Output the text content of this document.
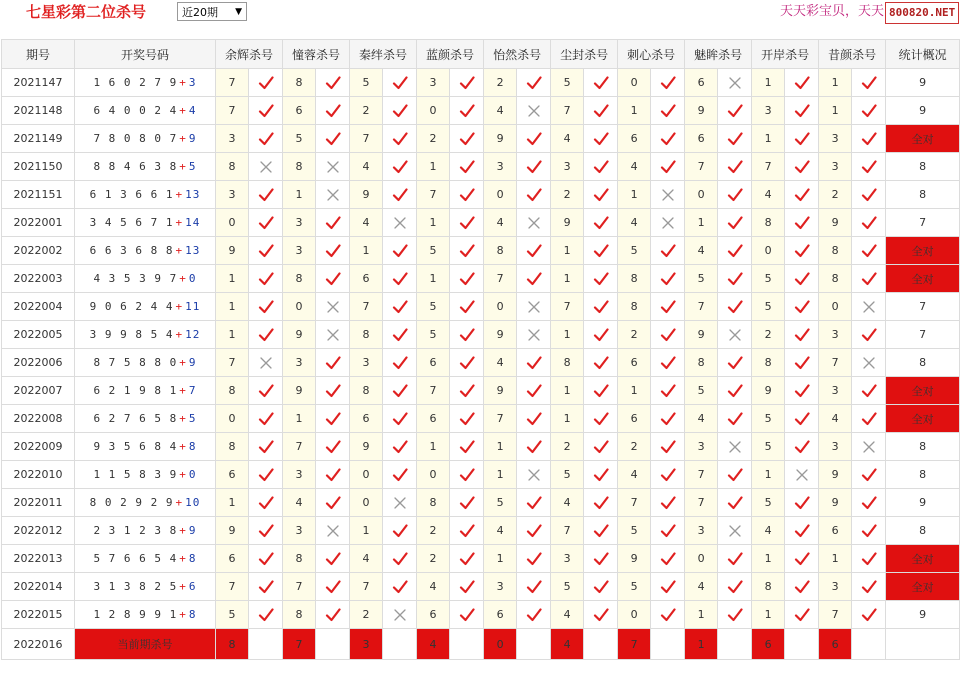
七星彩第二位杀号	近20期 ▼	天天彩宝贝，天天 800820.NET
期号	开奖号码	余辉杀号		憧蓉杀号		秦绊杀号		蓝颜杀号		怡然杀号		尘封杀号		刺心杀号		魅眸杀号		开岸杀号		昔颜杀号		统计概况
2021147	1 6 0 2 7 9 + 3	7		8		5		3		2		5		0		6		1		1		9
2021148	6 4 0 0 2 4 + 4	7		6		2		0		4		7		1		9		3		1		9
2021149	7 8 0 8 0 7 + 9	3		5		7		2		9		4		6		6		1		3		全对
2021150	8 8 4 6 3 8 + 5	8		8		4		1		3		3		4		7		7		3		8
2021151	6 1 3 6 6 1 + 13	3		1		9		7		0		2		1		0		4		2		8
2022001	3 4 5 6 7 1 + 14	0		3		4		1		4		9		4		1		8		9		7
2022002	6 6 3 6 8 8 + 13	9		3		1		5		8		1		5		4		0		8		全对
2022003	4 3 5 3 9 7 + 0	1		8		6		1		7		1		8		5		5		8		全对
2022004	9 0 6 2 4 4 + 11	1		0		7		5		0		7		8		7		5		0		7
2022005	3 9 9 8 5 4 + 12	1		9		8		5		9		1		2		9		2		3		7
2022006	8 7 5 8 8 0 + 9	7		3		3		6		4		8		6		8		8		7		8
2022007	6 2 1 9 8 1 + 7	8		9		8		7		9		1		1		5		9		3		全对
2022008	6 2 7 6 5 8 + 5	0		1		6		6		7		1		6		4		5		4		全对
2022009	9 3 5 6 8 4 + 8	8		7		9		1		1		2		2		3		5		3		8
2022010	1 1 5 8 3 9 + 0	6		3		0		0		1		5		4		7		1		9		8
2022011	8 0 2 9 2 9 + 10	1		4		0		8		5		4		7		7		5		9		9
2022012	2 3 1 2 3 8 + 9	9		3		1		2		4		7		5		3		4		6		8
2022013	5 7 6 6 5 4 + 8	6		8		4		2		1		3		9		0		1		1		全对
2022014	3 1 3 8 2 5 + 6	7		7		7		4		3		5		5		4		8		3		全对
2022015	1 2 8 9 9 1 + 8	5		8		2		6		6		4		0		1		1		7		9
2022016	当前期杀号	8		7		3		4		0		4		7		1		6		6		
